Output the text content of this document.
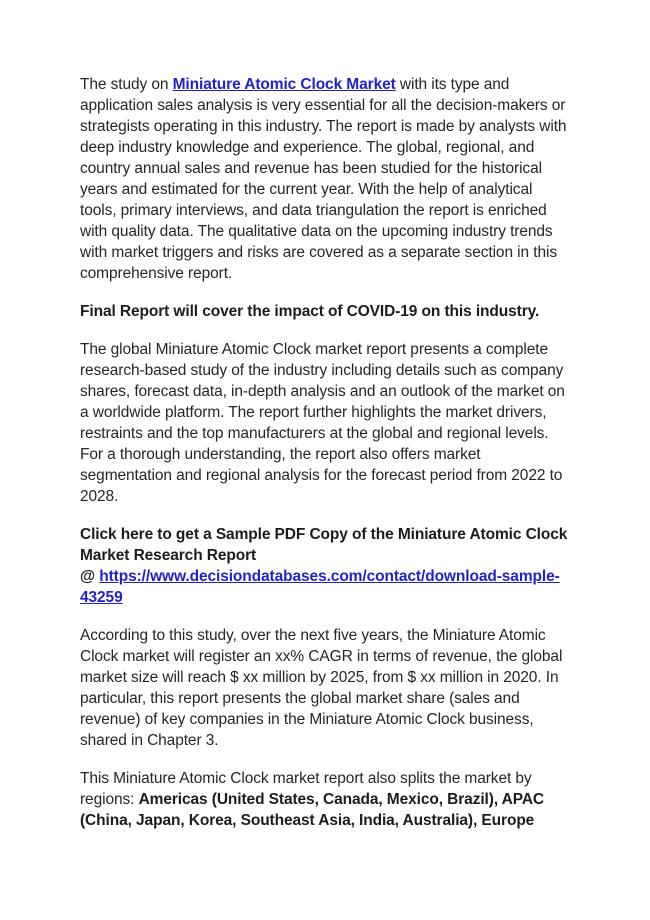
The study on Miniature Atomic Clock Market with its type and application sales analysis is very essential for all the decision-makers or strategists operating in this industry. The report is made by analysts with deep industry knowledge and experience. The global, regional, and country annual sales and revenue has been studied for the historical years and estimated for the current year. With the help of analytical tools, primary interviews, and data triangulation the report is enriched with quality data. The qualitative data on the upcoming industry trends with market triggers and risks are covered as a separate section in this comprehensive report.

Final Report will cover the impact of COVID-19 on this industry.

The global Miniature Atomic Clock market report presents a complete research-based study of the industry including details such as company shares, forecast data, in-depth analysis and an outlook of the market on a worldwide platform. The report further highlights the market drivers, restraints and the top manufacturers at the global and regional levels. For a thorough understanding, the report also offers market segmentation and regional analysis for the forecast period from 2022 to 2028.

Click here to get a Sample PDF Copy of the Miniature Atomic Clock Market Research Report
@ https://www.decisiondatabases.com/contact/download-sample-43259

According to this study, over the next five years, the Miniature Atomic Clock market will register an xx% CAGR in terms of revenue, the global market size will reach $ xx million by 2025, from $ xx million in 2020. In particular, this report presents the global market share (sales and revenue) of key companies in the Miniature Atomic Clock business, shared in Chapter 3.

This Miniature Atomic Clock market report also splits the market by regions: Americas (United States, Canada, Mexico, Brazil), APAC (China, Japan, Korea, Southeast Asia, India, Australia), Europe
